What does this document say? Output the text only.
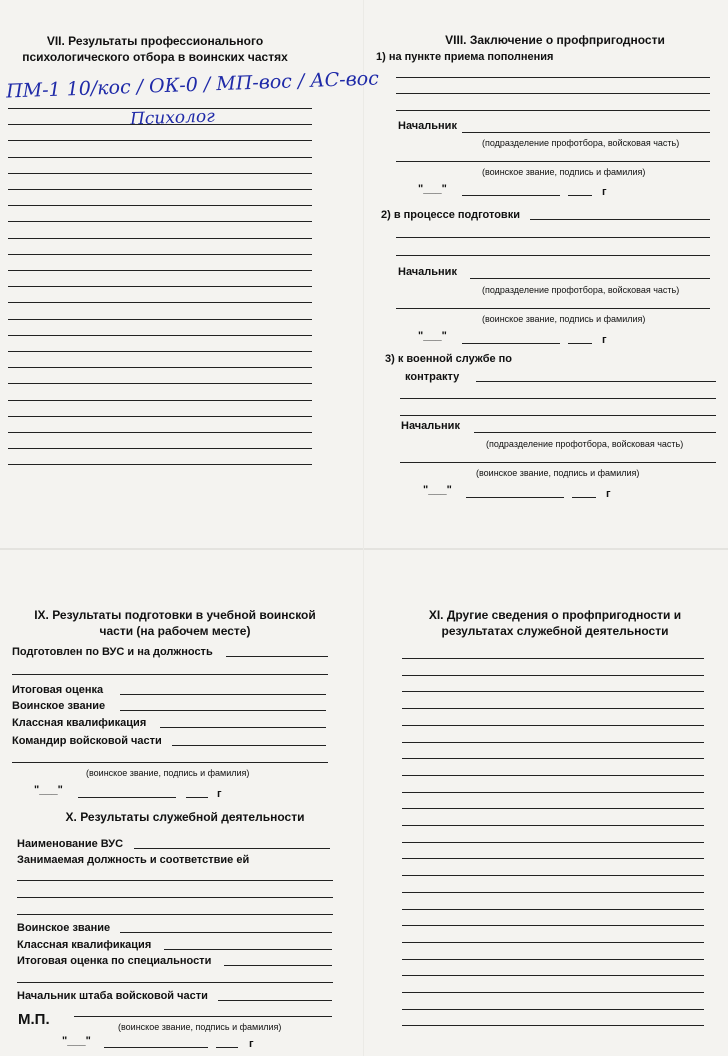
VII. Результаты профессионального
психологического отбора в воинских частях
ПМ-1 10/кос / ОК-0 / МП-вос / АС-вос
Психолог
VIII. Заключение о профпригодности
1) на пункте приема пополнения
Начальник
(подразделение профотбора, войсковая часть)
(воинское звание, подпись и фамилия)
"___"	г
2) в процессе подготовки
Начальник
(подразделение профотбора, войсковая часть)
(воинское звание, подпись и фамилия)
"___"	г
3) к военной службе по
контракту
Начальник
(подразделение профотбора, войсковая часть)
(воинское звание, подпись и фамилия)
"___"	г
IX. Результаты подготовки в учебной воинской
части (на рабочем месте)
Подготовлен по ВУС и на должность
Итоговая оценка
Воинское звание
Классная квалификация
Командир войсковой части
(воинское звание, подпись и фамилия)
"___"	г
X. Результаты служебной деятельности
Наименование ВУС
Занимаемая должность и соответствие ей
Воинское звание
Классная квалификация
Итоговая оценка по специальности
Начальник штаба войсковой части
М.П.	(воинское звание, подпись и фамилия)
"___"	г
XI. Другие сведения о профпригодности и
результатах служебной деятельности
